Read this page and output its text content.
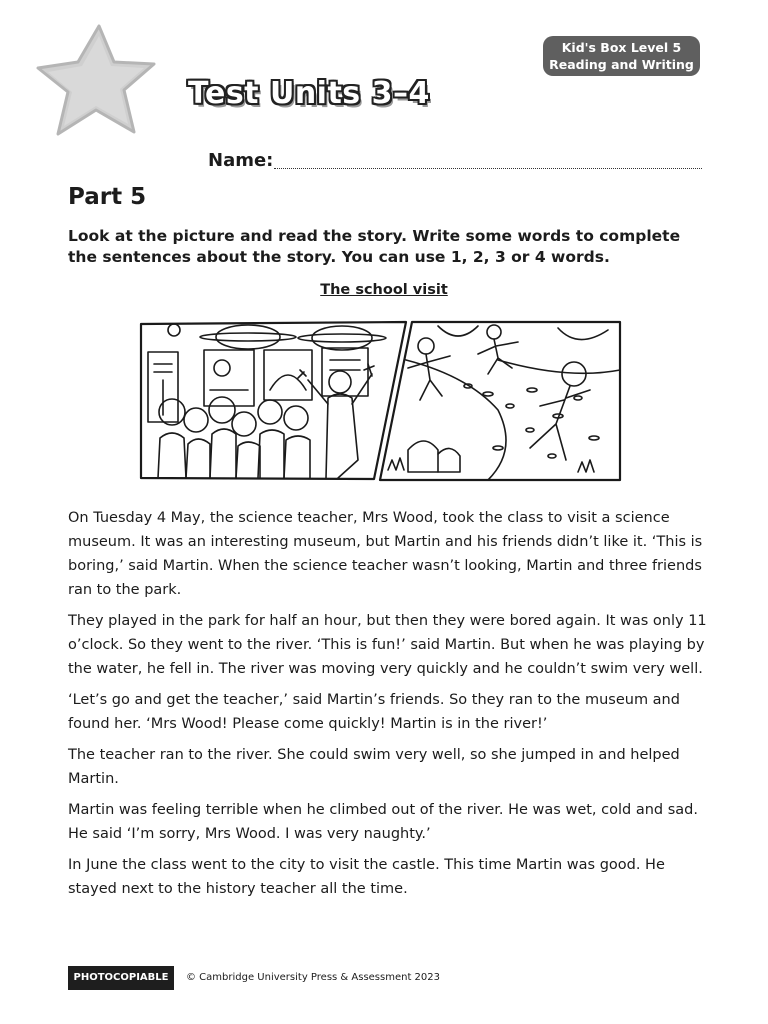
Kid's Box Level 5
Reading and Writing
Test Units 3–4
Name:
Part 5
Look at the picture and read the story. Write some words to complete the sentences about the story. You can use 1, 2, 3 or 4 words.
The school visit

On Tuesday 4 May, the science teacher, Mrs Wood, took the class to visit a science museum. It was an interesting museum, but Martin and his friends didn’t like it. ‘This is boring,’ said Martin. When the science teacher wasn’t looking, Martin and three friends ran to the park.

They played in the park for half an hour, but then they were bored again. It was only 11 o’clock. So they went to the river. ‘This is fun!’ said Martin. But when he was playing by the water, he fell in. The river was moving very quickly and he couldn’t swim very well.

‘Let’s go and get the teacher,’ said Martin’s friends. So they ran to the museum and found her. ‘Mrs Wood! Please come quickly! Martin is in the river!’

The teacher ran to the river. She could swim very well, so she jumped in and helped Martin.

Martin was feeling terrible when he climbed out of the river. He was wet, cold and sad. He said ‘I’m sorry, Mrs Wood. I was very naughty.’

In June the class went to the city to visit the castle. This time Martin was good. He stayed next to the history teacher all the time.

PHOTOCOPIABLE	© Cambridge University Press & Assessment 2023
